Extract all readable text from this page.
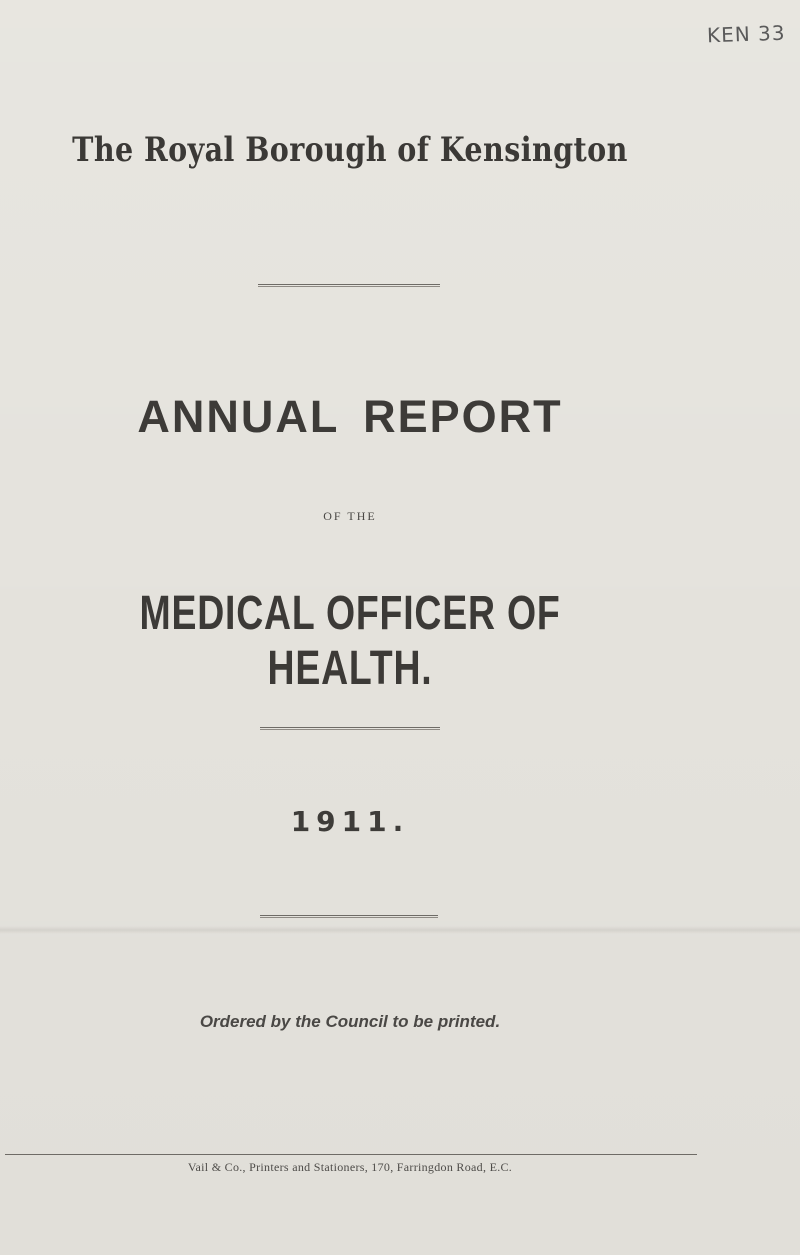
KEN 33
The Royal Borough of Kensington
ANNUAL REPORT
OF THE
MEDICAL OFFICER OF HEALTH.
1911.
Ordered by the Council to be printed.
Vail & Co., Printers and Stationers, 170, Farringdon Road, E.C.
